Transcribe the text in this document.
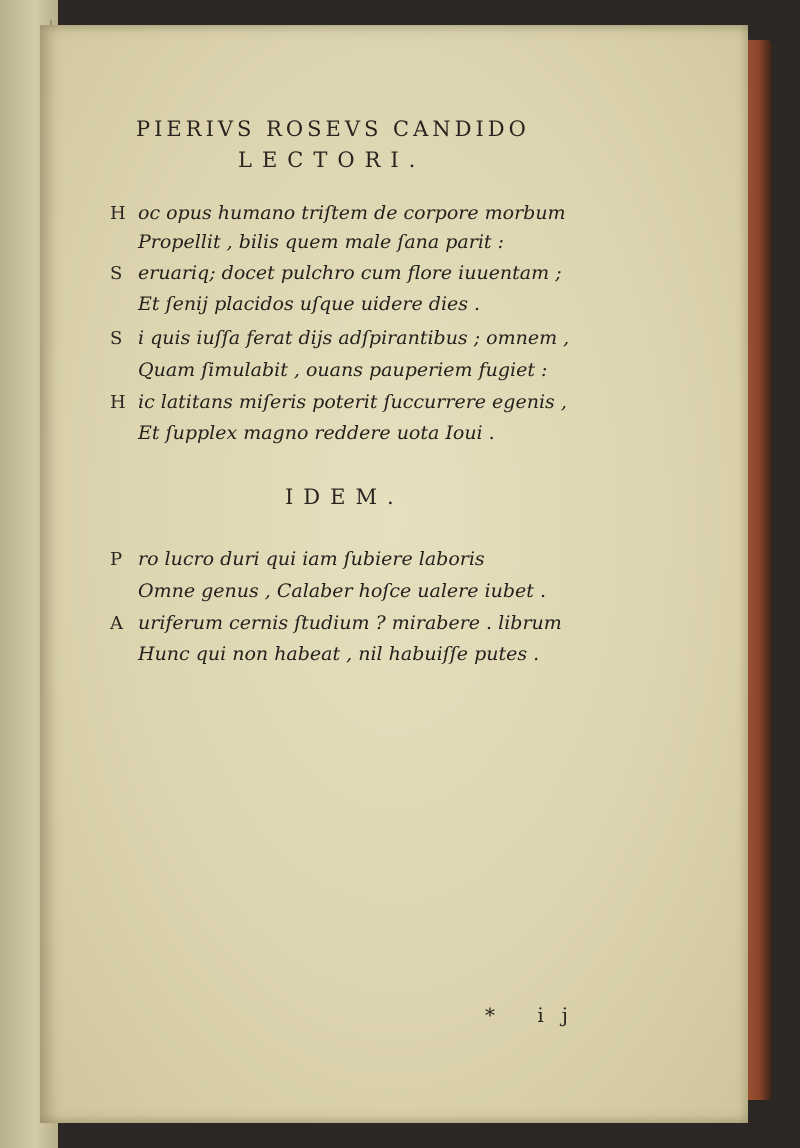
PIERIVS ROSEVS CANDIDO
LECTORI.
H oc opus humano triſtem de corpore morbum
Propellit , bilis quem male ſana parit :
S eruariq; docet pulchro cum flore iuuentam ;
Et ſenij placidos uſque uidere dies .
S i quis iuſſa ferat dijs adſpirantibus ; omnem ,
Quam ſimulabit , ouans pauperiem fugiet :
H ic latitans miſeris poterit ſuccurrere egenis ,
Et ſupplex magno reddere uota Ioui .
IDEM.
P ro lucro duri qui iam ſubiere laboris
Omne genus , Calaber hoſce ualere iubet .
A uriferum cernis ſtudium ? mirabere . librum
Hunc qui non habeat , nil habuiſſe putes .
* ij
